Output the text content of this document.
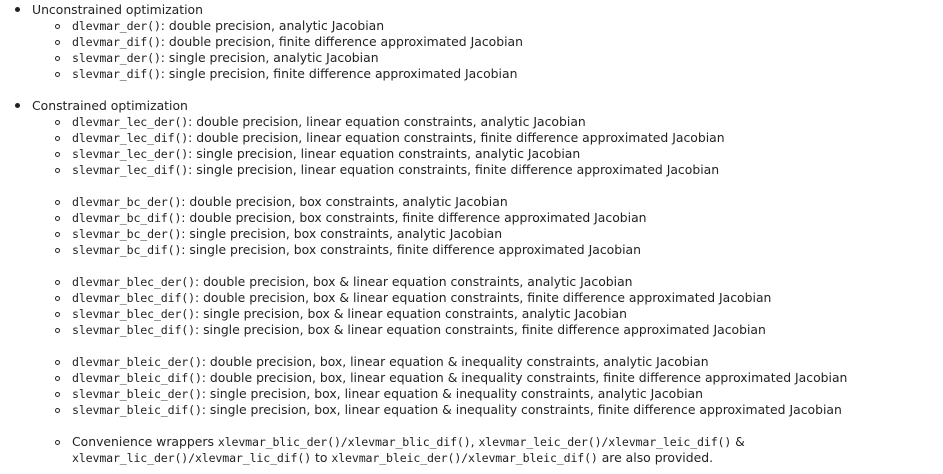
Unconstrained optimization
dlevmar_der(): double precision, analytic Jacobian
dlevmar_dif(): double precision, finite difference approximated Jacobian
slevmar_der(): single precision, analytic Jacobian
slevmar_dif(): single precision, finite difference approximated Jacobian
Constrained optimization
dlevmar_lec_der(): double precision, linear equation constraints, analytic Jacobian
dlevmar_lec_dif(): double precision, linear equation constraints, finite difference approximated Jacobian
slevmar_lec_der(): single precision, linear equation constraints, analytic Jacobian
slevmar_lec_dif(): single precision, linear equation constraints, finite difference approximated Jacobian
dlevmar_bc_der(): double precision, box constraints, analytic Jacobian
dlevmar_bc_dif(): double precision, box constraints, finite difference approximated Jacobian
slevmar_bc_der(): single precision, box constraints, analytic Jacobian
slevmar_bc_dif(): single precision, box constraints, finite difference approximated Jacobian
dlevmar_blec_der(): double precision, box & linear equation constraints, analytic Jacobian
dlevmar_blec_dif(): double precision, box & linear equation constraints, finite difference approximated Jacobian
slevmar_blec_der(): single precision, box & linear equation constraints, analytic Jacobian
slevmar_blec_dif(): single precision, box & linear equation constraints, finite difference approximated Jacobian
dlevmar_bleic_der(): double precision, box, linear equation & inequality constraints, analytic Jacobian
dlevmar_bleic_dif(): double precision, box, linear equation & inequality constraints, finite difference approximated Jacobian
slevmar_bleic_der(): single precision, box, linear equation & inequality constraints, analytic Jacobian
slevmar_bleic_dif(): single precision, box, linear equation & inequality constraints, finite difference approximated Jacobian
Convenience wrappers xlevmar_blic_der()/xlevmar_blic_dif(), xlevmar_leic_der()/xlevmar_leic_dif() &
xlevmar_lic_der()/xlevmar_lic_dif() to xlevmar_bleic_der()/xlevmar_bleic_dif() are also provided.
